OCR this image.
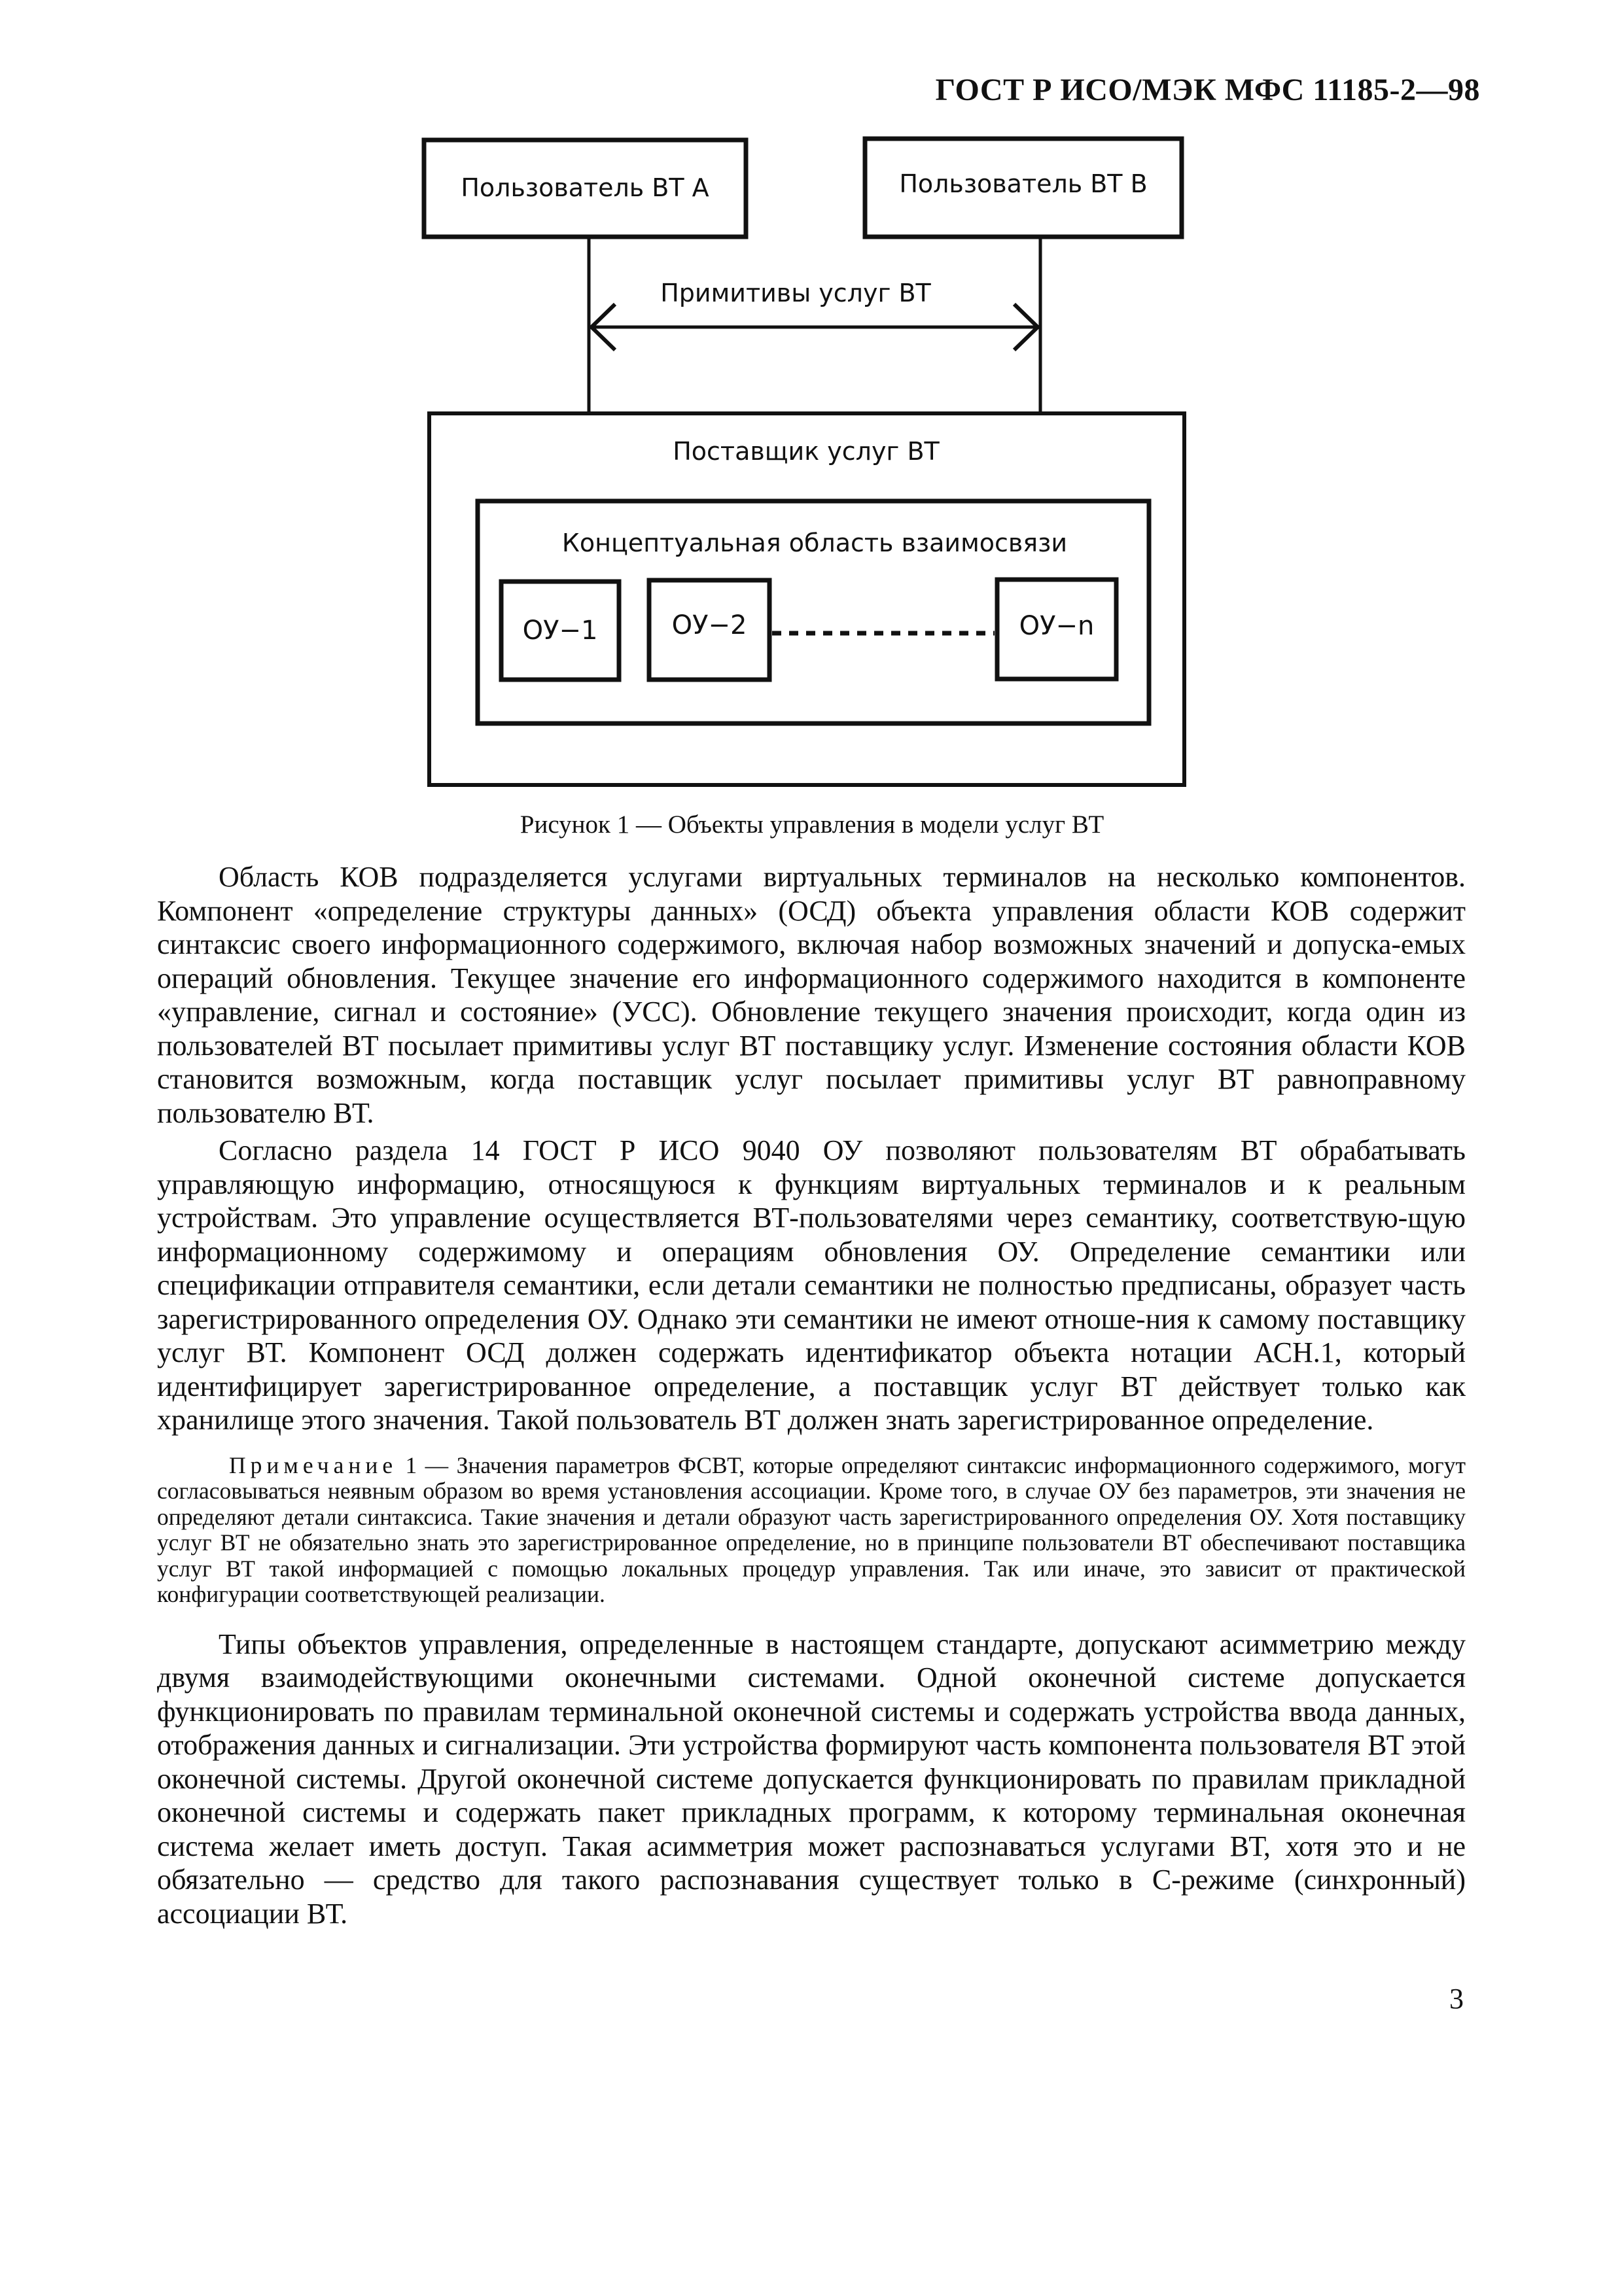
ГОСТ Р ИСО/МЭК МФС 11185-2—98
Пользователь ВТ А	Пользователь ВТ В
Примитивы услуг ВТ
Поставщик услуг ВТ
Концептуальная область взаимосвязи
ОУ−1	ОУ−2	ОУ−n
Рисунок 1 — Объекты управления в модели услуг ВТ

Область КОВ подразделяется услугами виртуальных терминалов на несколько компонентов. Компонент «определение структуры данных» (ОСД) объекта управления области КОВ содержит синтаксис своего информационного содержимого, включая набор возможных значений и допуска-емых операций обновления. Текущее значение его информационного содержимого находится в компоненте «управление, сигнал и состояние» (УСС). Обновление текущего значения происходит, когда один из пользователей ВТ посылает примитивы услуг ВТ поставщику услуг. Изменение состояния области КОВ становится возможным, когда поставщик услуг посылает примитивы услуг ВТ равноправному пользователю ВТ.

Согласно раздела 14 ГОСТ Р ИСО 9040 ОУ позволяют пользователям ВТ обрабатывать управляющую информацию, относящуюся к функциям виртуальных терминалов и к реальным устройствам. Это управление осуществляется ВТ-пользователями через семантику, соответствую-щую информационному содержимому и операциям обновления ОУ. Определение семантики или спецификации отправителя семантики, если детали семантики не полностью предписаны, образует часть зарегистрированного определения ОУ. Однако эти семантики не имеют отноше-ния к самому поставщику услуг ВТ. Компонент ОСД должен содержать идентификатор объекта нотации АСН.1, который идентифицирует зарегистрированное определение, а поставщик услуг ВТ действует только как хранилище этого значения. Такой пользователь ВТ должен знать зарегистрированное определение.

Примечание 1 — Значения параметров ФСВТ, которые определяют синтаксис информационного содержимого, могут согласовываться неявным образом во время установления ассоциации. Кроме того, в случае ОУ без параметров, эти значения не определяют детали синтаксиса. Такие значения и детали образуют часть зарегистрированного определения ОУ. Хотя поставщику услуг ВТ не обязательно знать это зарегистрированное определение, но в принципе пользователи ВТ обеспечивают поставщика услуг ВТ такой информацией с помощью локальных процедур управления. Так или иначе, это зависит от практической конфигурации соответствующей реализации.

Типы объектов управления, определенные в настоящем стандарте, допускают асимметрию между двумя взаимодействующими оконечными системами. Одной оконечной системе допускается функционировать по правилам терминальной оконечной системы и содержать устройства ввода данных, отображения данных и сигнализации. Эти устройства формируют часть компонента пользователя ВТ этой оконечной системы. Другой оконечной системе допускается функционировать по правилам прикладной оконечной системы и содержать пакет прикладных программ, к которому терминальная оконечная система желает иметь доступ. Такая асимметрия может распознаваться услугами ВТ, хотя это и не обязательно — средство для такого распознавания существует только в С-режиме (синхронный) ассоциации ВТ.

3
